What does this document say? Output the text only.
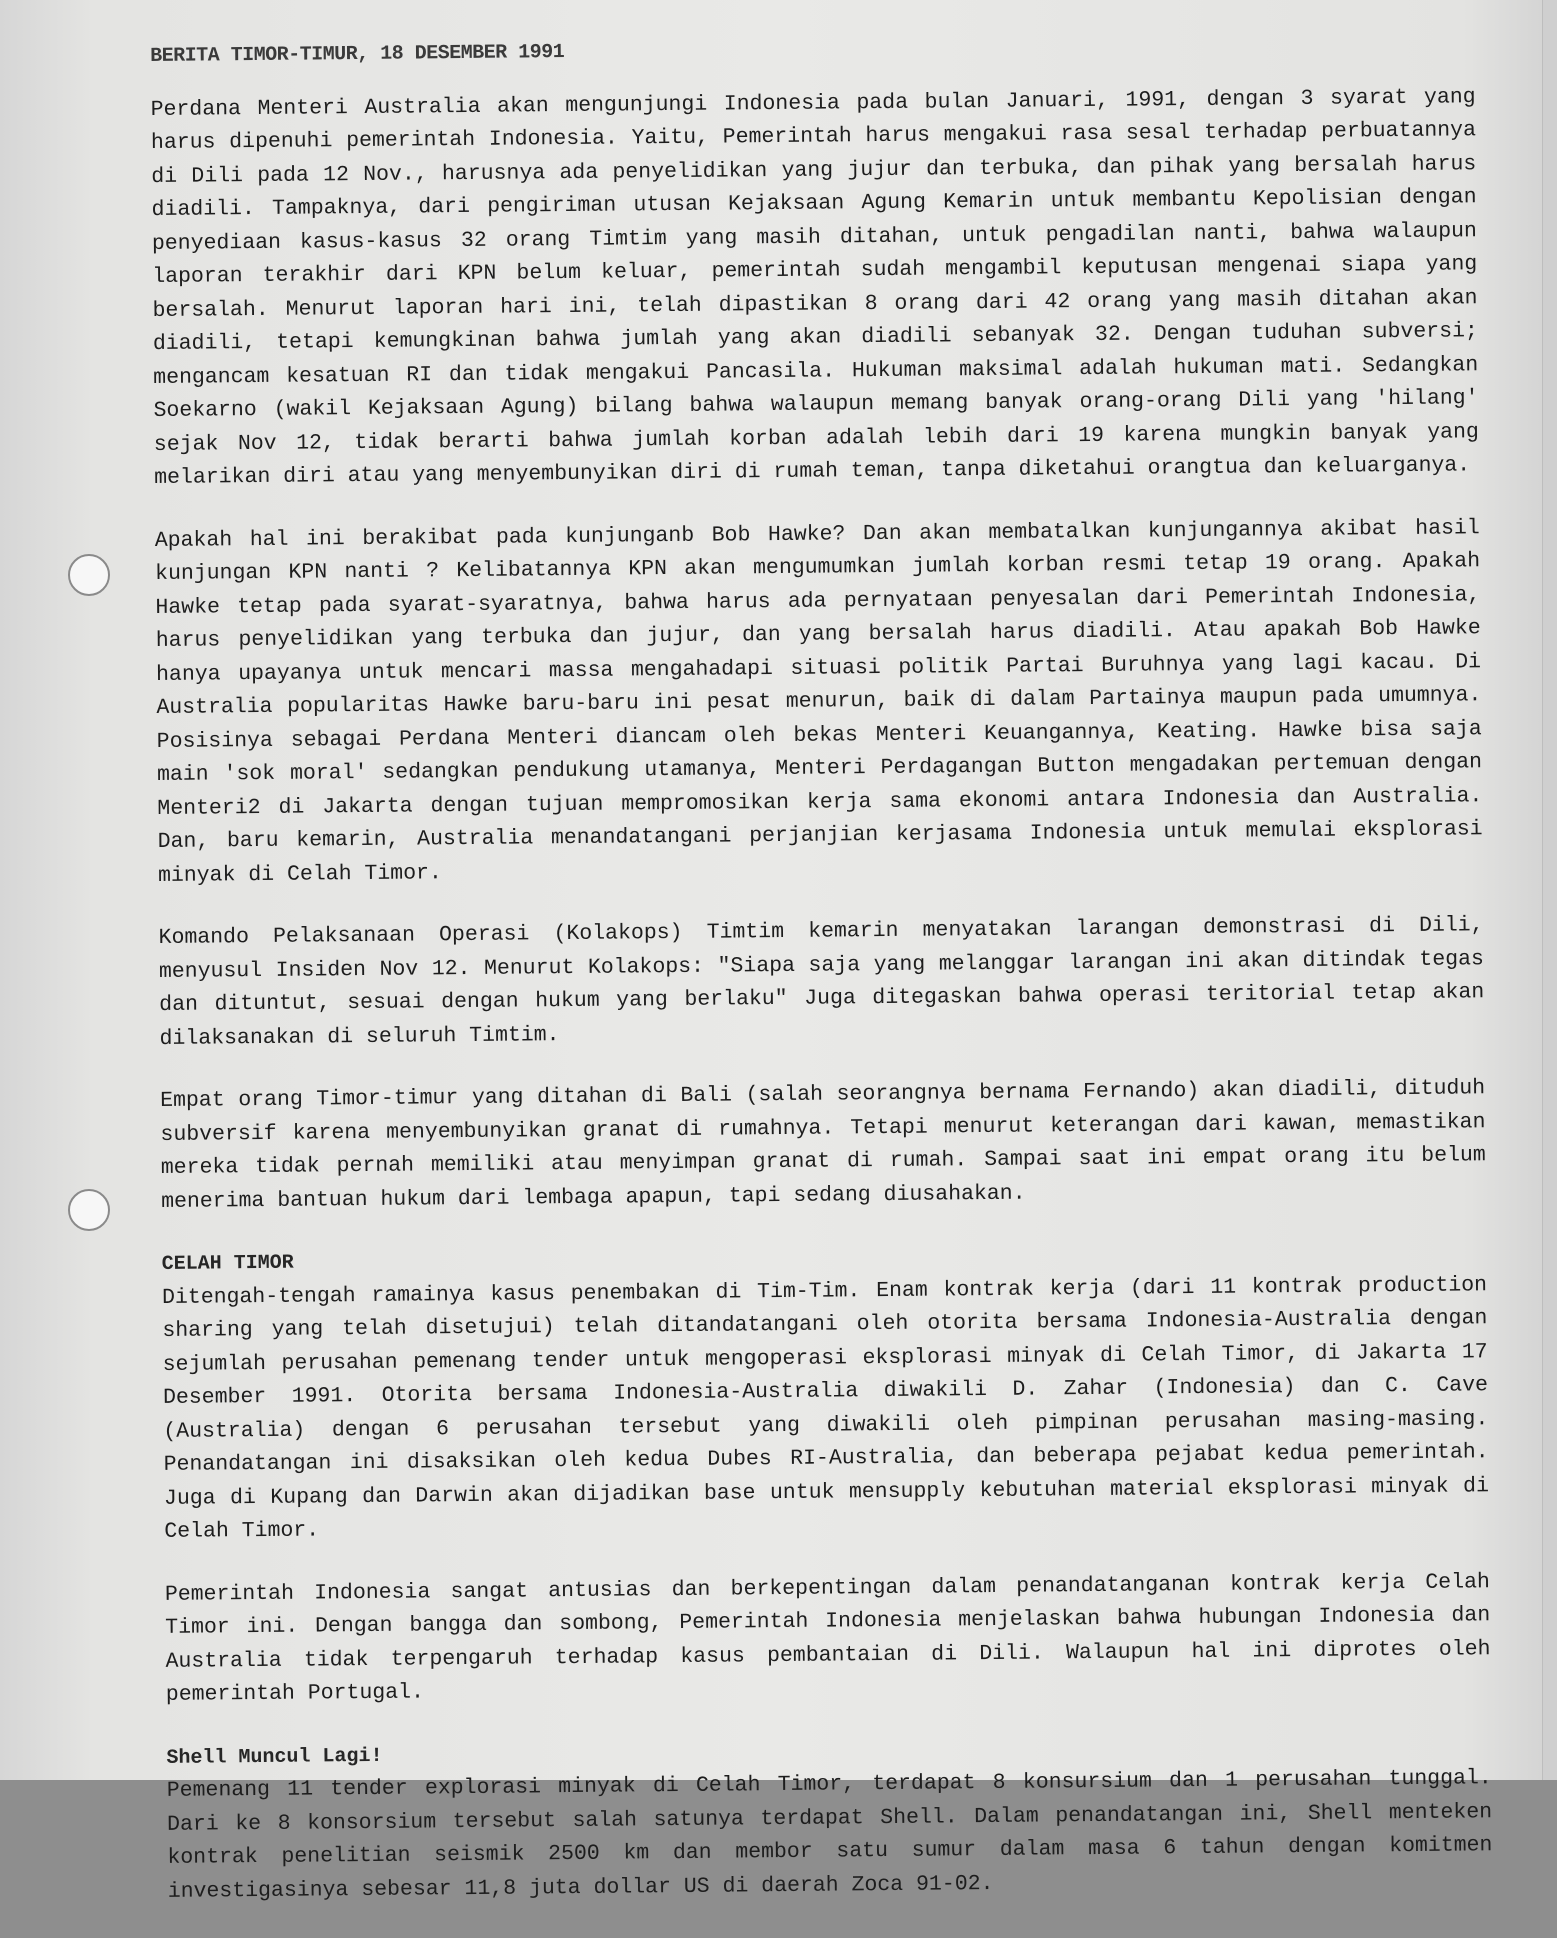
BERITA TIMOR-TIMUR, 18 DESEMBER 1991

Perdana Menteri Australia akan mengunjungi Indonesia pada bulan Januari, 1991, dengan 3 syarat yang harus dipenuhi pemerintah Indonesia. Yaitu, Pemerintah harus mengakui rasa sesal terhadap perbuatannya di Dili pada 12 Nov., harusnya ada penyelidikan yang jujur dan terbuka, dan pihak yang bersalah harus diadili. Tampaknya, dari pengiriman utusan Kejaksaan Agung Kemarin untuk membantu Kepolisian dengan penyediaan kasus-kasus 32 orang Timtim yang masih ditahan, untuk pengadilan nanti, bahwa walaupun laporan terakhir dari KPN belum keluar, pemerintah sudah mengambil keputusan mengenai siapa yang bersalah. Menurut laporan hari ini, telah dipastikan 8 orang dari 42 orang yang masih ditahan akan diadili, tetapi kemungkinan bahwa jumlah yang akan diadili sebanyak 32. Dengan tuduhan subversi; mengancam kesatuan RI dan tidak mengakui Pancasila. Hukuman maksimal adalah hukuman mati. Sedangkan Soekarno (wakil Kejaksaan Agung) bilang bahwa walaupun memang banyak orang-orang Dili yang 'hilang' sejak Nov 12, tidak berarti bahwa jumlah korban adalah lebih dari 19 karena mungkin banyak yang melarikan diri atau yang menyembunyikan diri di rumah teman, tanpa diketahui orangtua dan keluarganya.

Apakah hal ini berakibat pada kunjunganb Bob Hawke? Dan akan membatalkan kunjungannya akibat hasil kunjungan KPN nanti ? Kelibatannya KPN akan mengumumkan jumlah korban resmi tetap 19 orang. Apakah Hawke tetap pada syarat-syaratnya, bahwa harus ada pernyataan penyesalan dari Pemerintah Indonesia, harus penyelidikan yang terbuka dan jujur, dan yang bersalah harus diadili. Atau apakah Bob Hawke hanya upayanya untuk mencari massa mengahadapi situasi politik Partai Buruhnya yang lagi kacau. Di Australia popularitas Hawke baru-baru ini pesat menurun, baik di dalam Partainya maupun pada umumnya. Posisinya sebagai Perdana Menteri diancam oleh bekas Menteri Keuangannya, Keating. Hawke bisa saja main 'sok moral' sedangkan pendukung utamanya, Menteri Perdagangan Button mengadakan pertemuan dengan Menteri2 di Jakarta dengan tujuan mempromosikan kerja sama ekonomi antara Indonesia dan Australia. Dan, baru kemarin, Australia menandatangani perjanjian kerjasama Indonesia untuk memulai eksplorasi minyak di Celah Timor.

Komando Pelaksanaan Operasi (Kolakops) Timtim kemarin menyatakan larangan demonstrasi di Dili, menyusul Insiden Nov 12. Menurut Kolakops: "Siapa saja yang melanggar larangan ini akan ditindak tegas dan dituntut, sesuai dengan hukum yang berlaku" Juga ditegaskan bahwa operasi teritorial tetap akan dilaksanakan di seluruh Timtim.

Empat orang Timor-timur yang ditahan di Bali (salah seorangnya bernama Fernando) akan diadili, dituduh subversif karena menyembunyikan granat di rumahnya. Tetapi menurut keterangan dari kawan, memastikan mereka tidak pernah memiliki atau menyimpan granat di rumah. Sampai saat ini empat orang itu belum menerima bantuan hukum dari lembaga apapun, tapi sedang diusahakan.

CELAH TIMOR

Ditengah-tengah ramainya kasus penembakan di Tim-Tim. Enam kontrak kerja (dari 11 kontrak production sharing yang telah disetujui) telah ditandatangani oleh otorita bersama Indonesia-Australia dengan sejumlah perusahan pemenang tender untuk mengoperasi eksplorasi minyak di Celah Timor, di Jakarta 17 Desember 1991. Otorita bersama Indonesia-Australia diwakili D. Zahar (Indonesia) dan C. Cave (Australia) dengan 6 perusahan tersebut yang diwakili oleh pimpinan perusahan masing-masing. Penandatangan ini disaksikan oleh kedua Dubes RI-Australia, dan beberapa pejabat kedua pemerintah. Juga di Kupang dan Darwin akan dijadikan base untuk mensupply kebutuhan material eksplorasi minyak di Celah Timor.

Pemerintah Indonesia sangat antusias dan berkepentingan dalam penandatanganan kontrak kerja Celah Timor ini. Dengan bangga dan sombong, Pemerintah Indonesia menjelaskan bahwa hubungan Indonesia dan Australia tidak terpengaruh terhadap kasus pembantaian di Dili. Walaupun hal ini diprotes oleh pemerintah Portugal.

Shell Muncul Lagi!

Pemenang 11 tender explorasi minyak di Celah Timor, terdapat 8 konsursium dan 1 perusahan tunggal. Dari ke 8 konsorsium tersebut salah satunya terdapat Shell. Dalam penandatangan ini, Shell menteken kontrak penelitian seismik 2500 km dan membor satu sumur dalam masa 6 tahun dengan komitmen investigasinya sebesar 11,8 juta dollar US di daerah Zoca 91-02.
